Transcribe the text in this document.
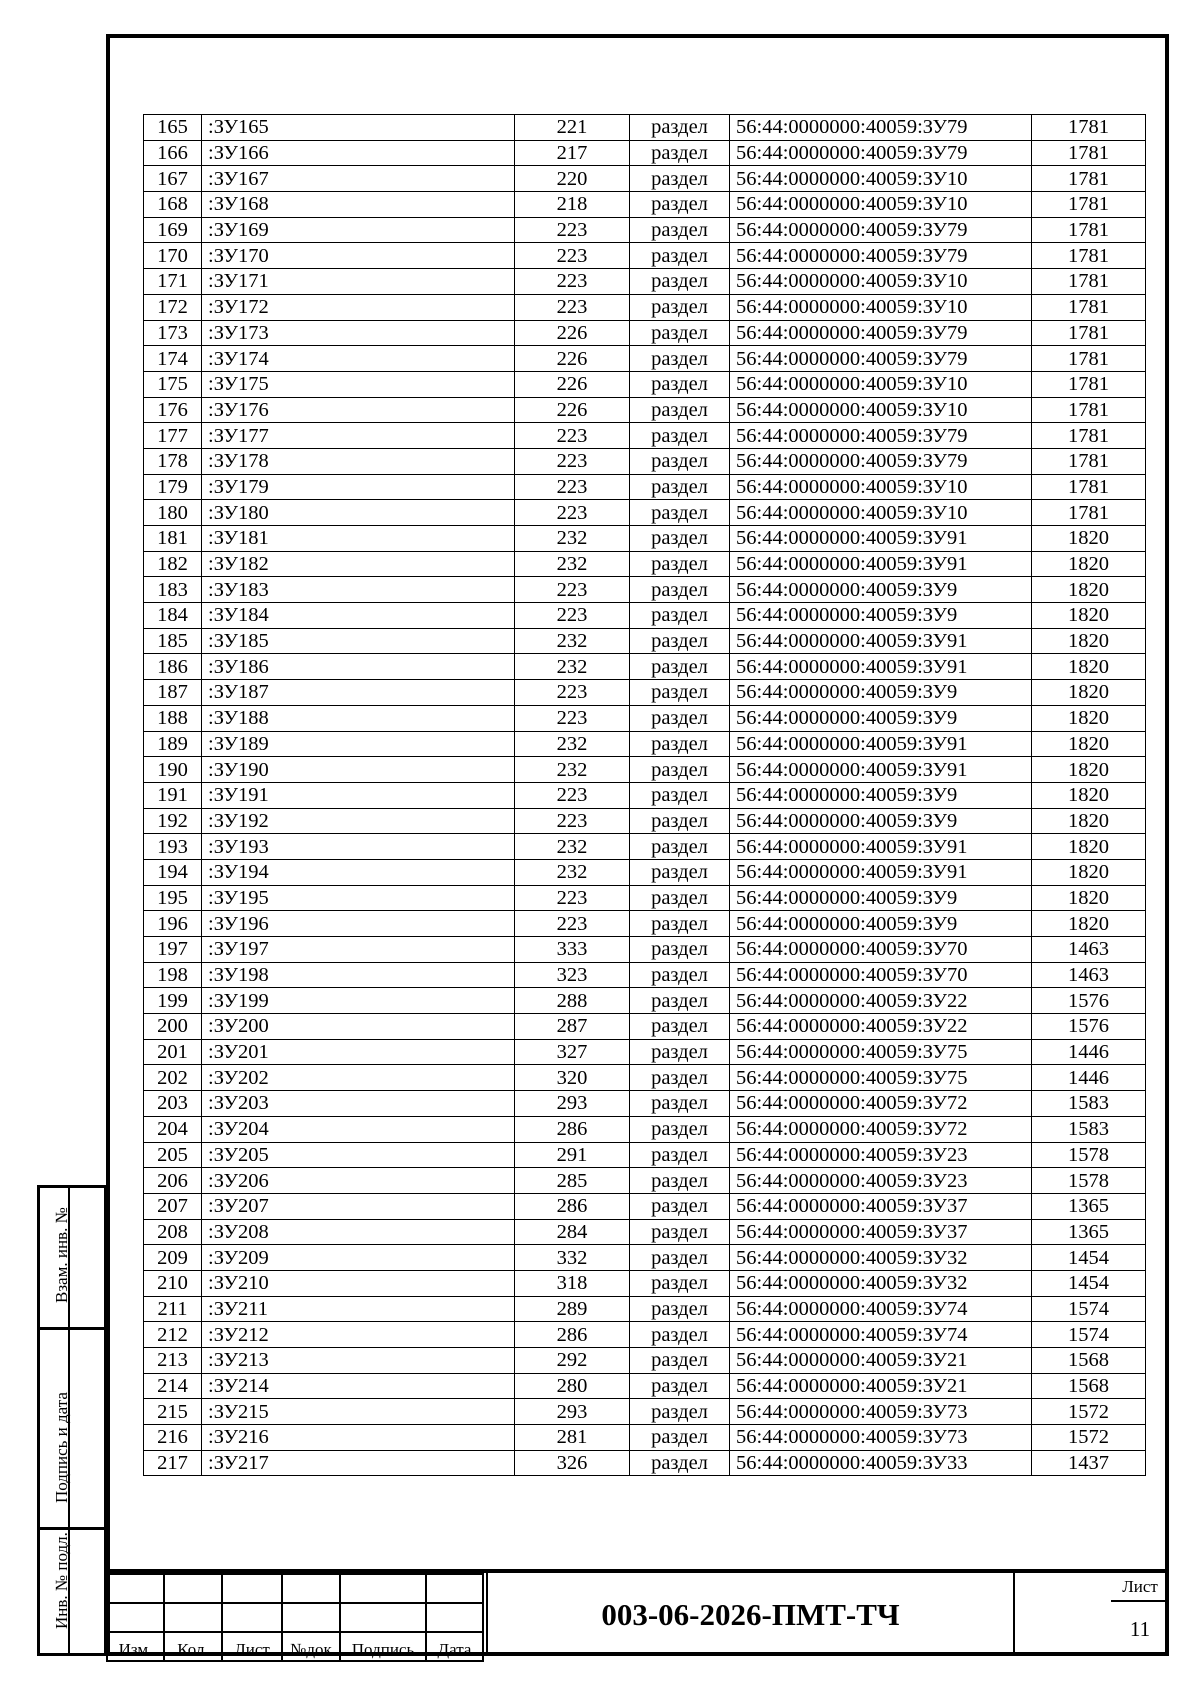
Взам. инв. №
Подпись и дата
Инв. № подл.
165	:ЗУ165	221	раздел	56:44:0000000:40059:ЗУ79	1781
166	:ЗУ166	217	раздел	56:44:0000000:40059:ЗУ79	1781
167	:ЗУ167	220	раздел	56:44:0000000:40059:ЗУ10	1781
168	:ЗУ168	218	раздел	56:44:0000000:40059:ЗУ10	1781
169	:ЗУ169	223	раздел	56:44:0000000:40059:ЗУ79	1781
170	:ЗУ170	223	раздел	56:44:0000000:40059:ЗУ79	1781
171	:ЗУ171	223	раздел	56:44:0000000:40059:ЗУ10	1781
172	:ЗУ172	223	раздел	56:44:0000000:40059:ЗУ10	1781
173	:ЗУ173	226	раздел	56:44:0000000:40059:ЗУ79	1781
174	:ЗУ174	226	раздел	56:44:0000000:40059:ЗУ79	1781
175	:ЗУ175	226	раздел	56:44:0000000:40059:ЗУ10	1781
176	:ЗУ176	226	раздел	56:44:0000000:40059:ЗУ10	1781
177	:ЗУ177	223	раздел	56:44:0000000:40059:ЗУ79	1781
178	:ЗУ178	223	раздел	56:44:0000000:40059:ЗУ79	1781
179	:ЗУ179	223	раздел	56:44:0000000:40059:ЗУ10	1781
180	:ЗУ180	223	раздел	56:44:0000000:40059:ЗУ10	1781
181	:ЗУ181	232	раздел	56:44:0000000:40059:ЗУ91	1820
182	:ЗУ182	232	раздел	56:44:0000000:40059:ЗУ91	1820
183	:ЗУ183	223	раздел	56:44:0000000:40059:ЗУ9	1820
184	:ЗУ184	223	раздел	56:44:0000000:40059:ЗУ9	1820
185	:ЗУ185	232	раздел	56:44:0000000:40059:ЗУ91	1820
186	:ЗУ186	232	раздел	56:44:0000000:40059:ЗУ91	1820
187	:ЗУ187	223	раздел	56:44:0000000:40059:ЗУ9	1820
188	:ЗУ188	223	раздел	56:44:0000000:40059:ЗУ9	1820
189	:ЗУ189	232	раздел	56:44:0000000:40059:ЗУ91	1820
190	:ЗУ190	232	раздел	56:44:0000000:40059:ЗУ91	1820
191	:ЗУ191	223	раздел	56:44:0000000:40059:ЗУ9	1820
192	:ЗУ192	223	раздел	56:44:0000000:40059:ЗУ9	1820
193	:ЗУ193	232	раздел	56:44:0000000:40059:ЗУ91	1820
194	:ЗУ194	232	раздел	56:44:0000000:40059:ЗУ91	1820
195	:ЗУ195	223	раздел	56:44:0000000:40059:ЗУ9	1820
196	:ЗУ196	223	раздел	56:44:0000000:40059:ЗУ9	1820
197	:ЗУ197	333	раздел	56:44:0000000:40059:ЗУ70	1463
198	:ЗУ198	323	раздел	56:44:0000000:40059:ЗУ70	1463
199	:ЗУ199	288	раздел	56:44:0000000:40059:ЗУ22	1576
200	:ЗУ200	287	раздел	56:44:0000000:40059:ЗУ22	1576
201	:ЗУ201	327	раздел	56:44:0000000:40059:ЗУ75	1446
202	:ЗУ202	320	раздел	56:44:0000000:40059:ЗУ75	1446
203	:ЗУ203	293	раздел	56:44:0000000:40059:ЗУ72	1583
204	:ЗУ204	286	раздел	56:44:0000000:40059:ЗУ72	1583
205	:ЗУ205	291	раздел	56:44:0000000:40059:ЗУ23	1578
206	:ЗУ206	285	раздел	56:44:0000000:40059:ЗУ23	1578
207	:ЗУ207	286	раздел	56:44:0000000:40059:ЗУ37	1365
208	:ЗУ208	284	раздел	56:44:0000000:40059:ЗУ37	1365
209	:ЗУ209	332	раздел	56:44:0000000:40059:ЗУ32	1454
210	:ЗУ210	318	раздел	56:44:0000000:40059:ЗУ32	1454
211	:ЗУ211	289	раздел	56:44:0000000:40059:ЗУ74	1574
212	:ЗУ212	286	раздел	56:44:0000000:40059:ЗУ74	1574
213	:ЗУ213	292	раздел	56:44:0000000:40059:ЗУ21	1568
214	:ЗУ214	280	раздел	56:44:0000000:40059:ЗУ21	1568
215	:ЗУ215	293	раздел	56:44:0000000:40059:ЗУ73	1572
216	:ЗУ216	281	раздел	56:44:0000000:40059:ЗУ73	1572
217	:ЗУ217	326	раздел	56:44:0000000:40059:ЗУ33	1437

Изм.	Кол.	Лист	№док	Подпись	Дата
003-06-2026-ПМТ-ТЧ
Лист
11
